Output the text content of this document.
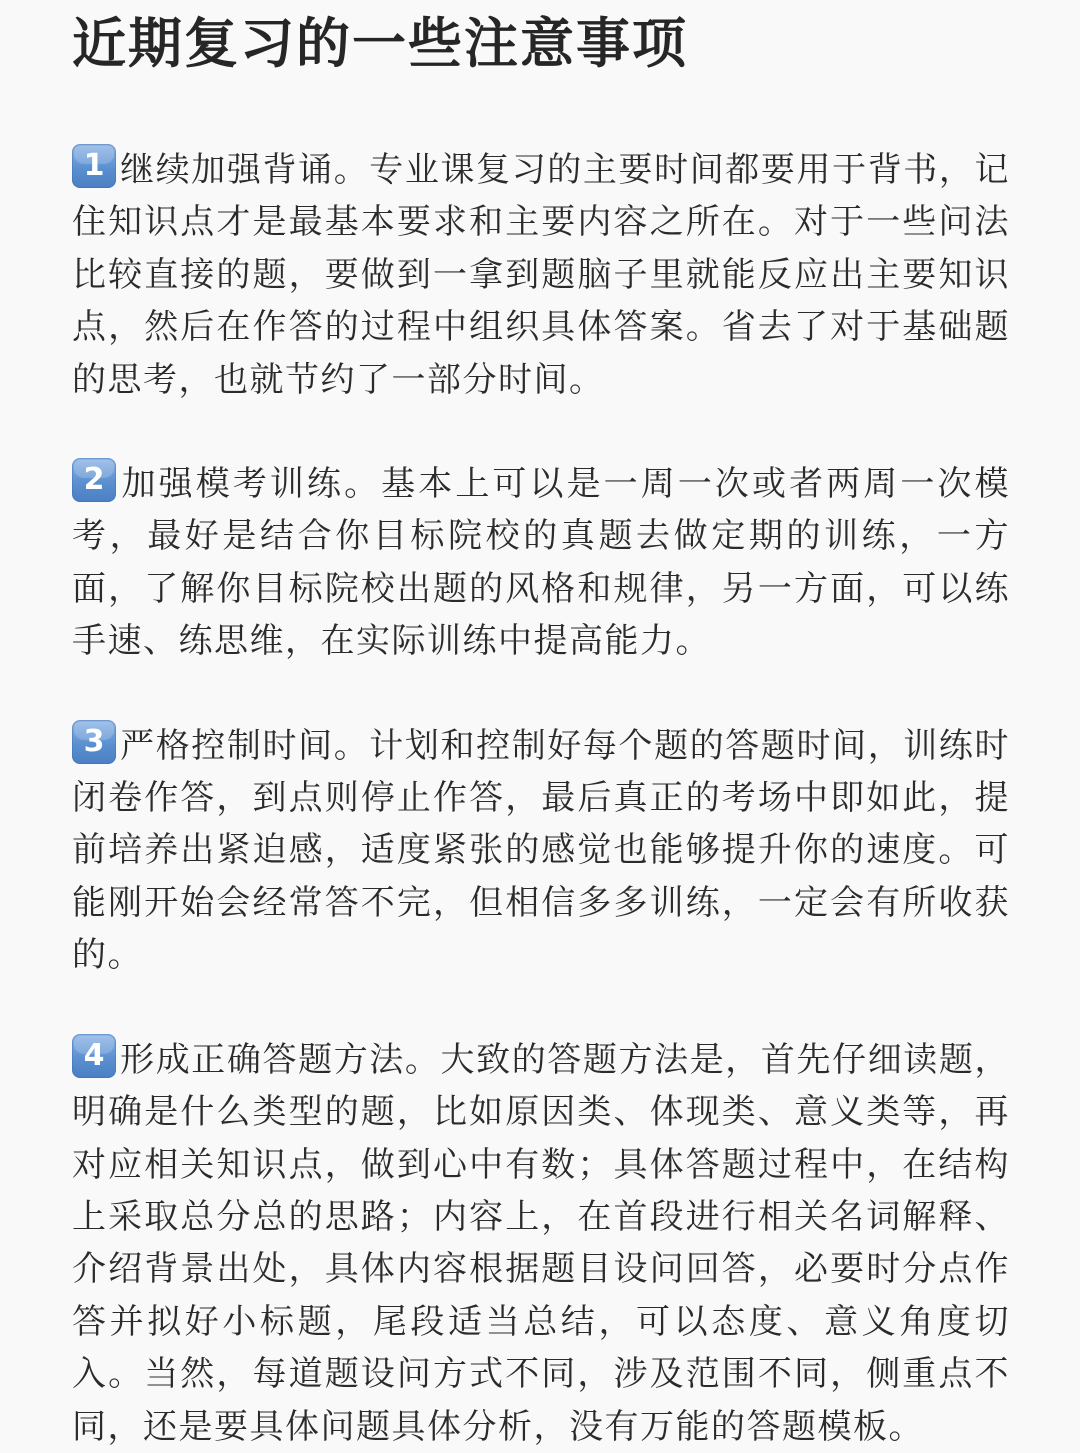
近期复习的一些注意事项

1 继续加强背诵。专业课复习的主要时间都要用于背书，记住知识点才是最基本要求和主要内容之所在。对于一些问法比较直接的题，要做到一拿到题脑子里就能反应出主要知识点，然后在作答的过程中组织具体答案。省去了对于基础题的思考，也就节约了一部分时间。

2 加强模考训练。基本上可以是一周一次或者两周一次模考，最好是结合你目标院校的真题去做定期的训练，一方面，了解你目标院校出题的风格和规律，另一方面，可以练手速、练思维，在实际训练中提高能力。

3 严格控制时间。计划和控制好每个题的答题时间，训练时闭卷作答，到点则停止作答，最后真正的考场中即如此，提前培养出紧迫感，适度紧张的感觉也能够提升你的速度。可能刚开始会经常答不完，但相信多多训练，一定会有所收获的。

4 形成正确答题方法。大致的答题方法是，首先仔细读题，明确是什么类型的题，比如原因类、体现类、意义类等，再对应相关知识点，做到心中有数；具体答题过程中，在结构上采取总分总的思路；内容上，在首段进行相关名词解释、介绍背景出处，具体内容根据题目设问回答，必要时分点作答并拟好小标题，尾段适当总结，可以态度、意义角度切入。当然，每道题设问方式不同，涉及范围不同，侧重点不同，还是要具体问题具体分析，没有万能的答题模板。
